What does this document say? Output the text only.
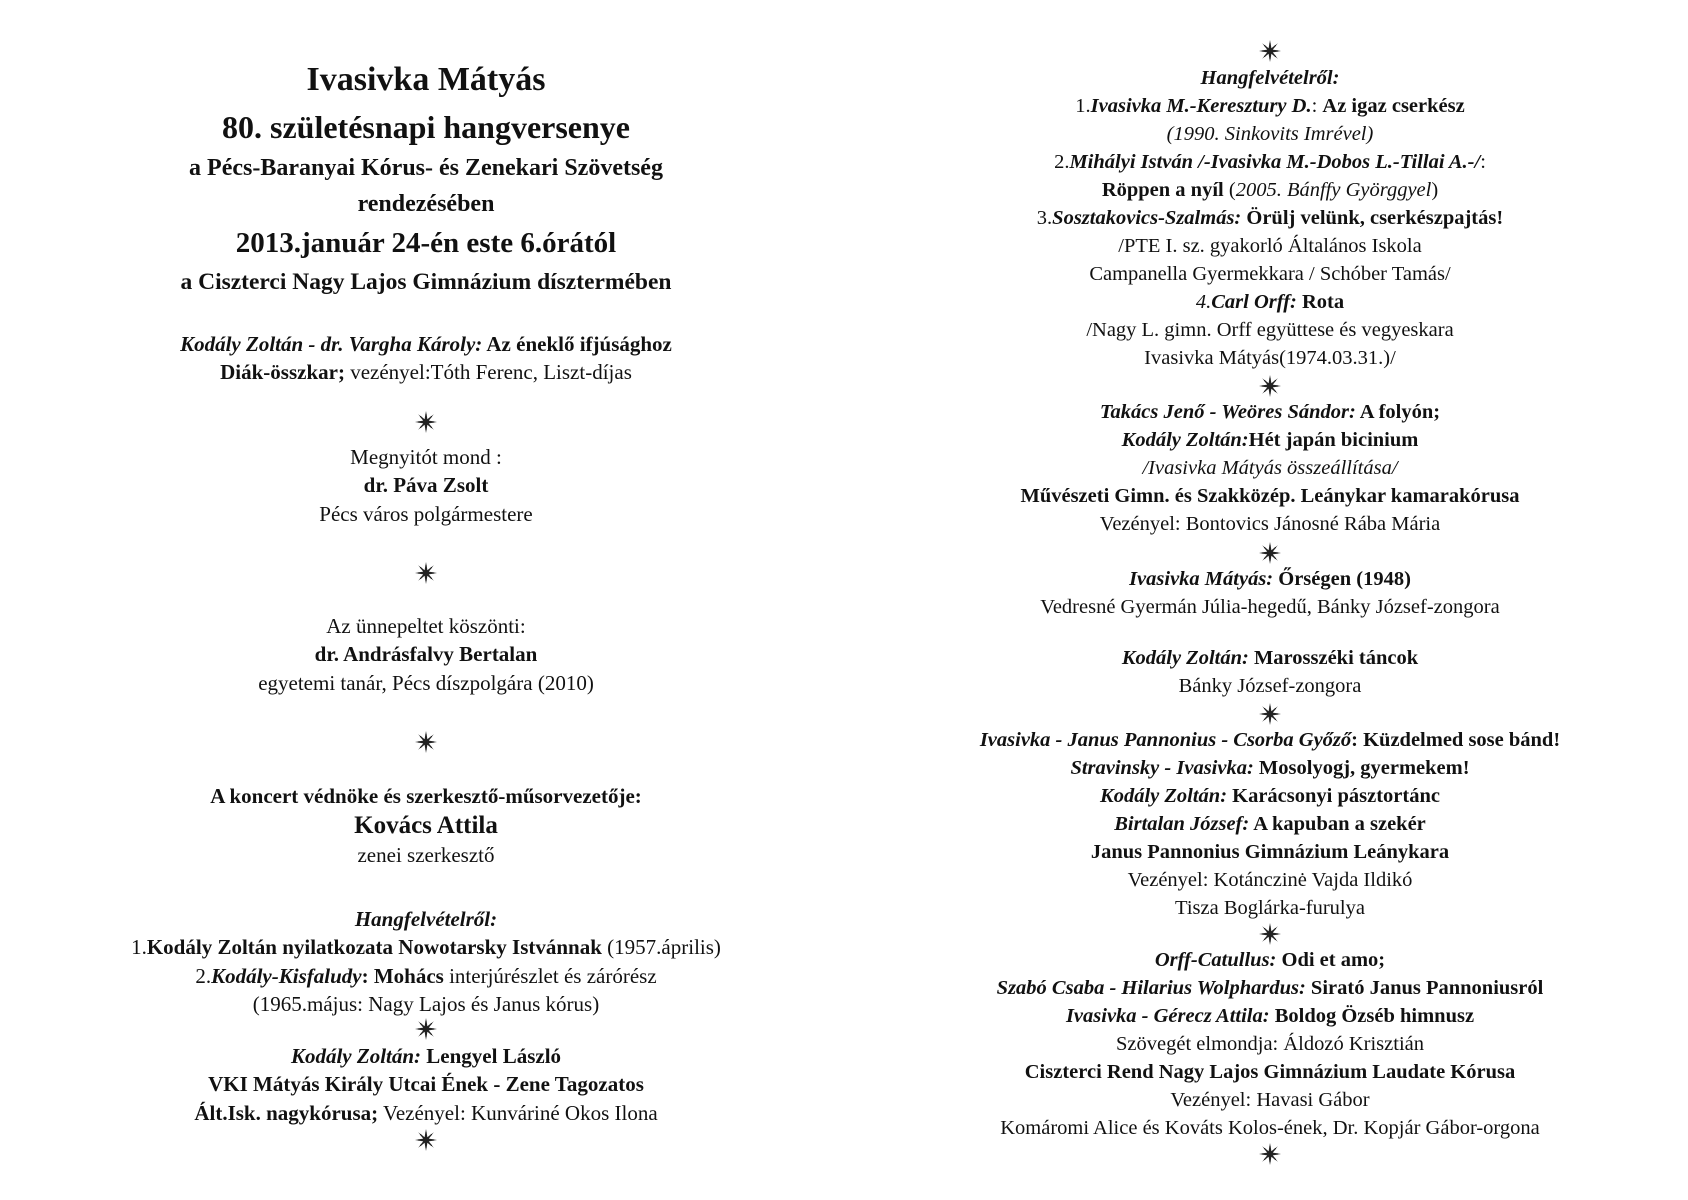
Ivasivka Mátyás
80. születésnapi hangversenye
a Pécs-Baranyai Kórus- és Zenekari Szövetség
rendezésében
2013.január 24-én este 6.órától
a Ciszterci Nagy Lajos Gimnázium dísztermében
Kodály Zoltán - dr. Vargha Károly: Az éneklő ifjúsághoz
Diák-összkar; vezényel:Tóth Ferenc, Liszt-díjas
Megnyitót mond :
dr. Páva Zsolt
Pécs város polgármestere
Az ünnepeltet köszönti:
dr. Andrásfalvy Bertalan
egyetemi tanár, Pécs díszpolgára (2010)
A koncert védnöke és szerkesztő-műsorvezetője:
Kovács Attila
zenei szerkesztő
Hangfelvételről:
1.Kodály Zoltán nyilatkozata Nowotarsky Istvánnak (1957.április)
2.Kodály-Kisfaludy: Mohács interjúrészlet és zárórész
(1965.május: Nagy Lajos és Janus kórus)
Kodály Zoltán: Lengyel László
VKI Mátyás Király Utcai Ének - Zene Tagozatos
Ált.Isk. nagykórusa; Vezényel: Kunváriné Okos Ilona
Hangfelvételről:
1.Ivasivka M.-Keresztury D.: Az igaz cserkész
(1990. Sinkovits Imrével)
2.Mihályi István /-Ivasivka M.-Dobos L.-Tillai A.-/:
Röppen a nyíl (2005. Bánffy Györggyel)
3.Sosztakovics-Szalmás: Örülj velünk, cserkészpajtás!
/PTE I. sz. gyakorló Általános Iskola
Campanella Gyermekkara / Schóber Tamás/
4.Carl Orff: Rota
/Nagy L. gimn. Orff együttese és vegyeskara
Ivasivka Mátyás(1974.03.31.)/
Takács Jenő - Weöres Sándor: A folyón;
Kodály Zoltán:Hét japán bicinium
/Ivasivka Mátyás összeállítása/
Művészeti Gimn. és Szakközép. Leánykar kamarakórusa
Vezényel: Bontovics Jánosné Rába Mária
Ivasivka Mátyás: Őrségen (1948)
Vedresné Gyermán Júlia-hegedű, Bánky József-zongora
Kodály Zoltán: Marosszéki táncok
Bánky József-zongora
Ivasivka - Janus Pannonius - Csorba Győző: Küzdelmed sose bánd!
Stravinsky - Ivasivka: Mosolyogj, gyermekem!
Kodály Zoltán: Karácsonyi pásztortánc
Birtalan József: A kapuban a szekér
Janus Pannonius Gimnázium Leánykara
Vezényel: Kotánczinė Vajda Ildikó
Tisza Boglárka-furulya
Orff-Catullus: Odi et amo;
Szabó Csaba - Hilarius Wolphardus: Sirató Janus Pannoniusról
Ivasivka - Gérecz Attila: Boldog Özséb himnusz
Szövegét elmondja: Áldozó Krisztián
Ciszterci Rend Nagy Lajos Gimnázium Laudate Kórusa
Vezényel: Havasi Gábor
Komáromi Alice és Kováts Kolos-ének, Dr. Kopjár Gábor-orgona
